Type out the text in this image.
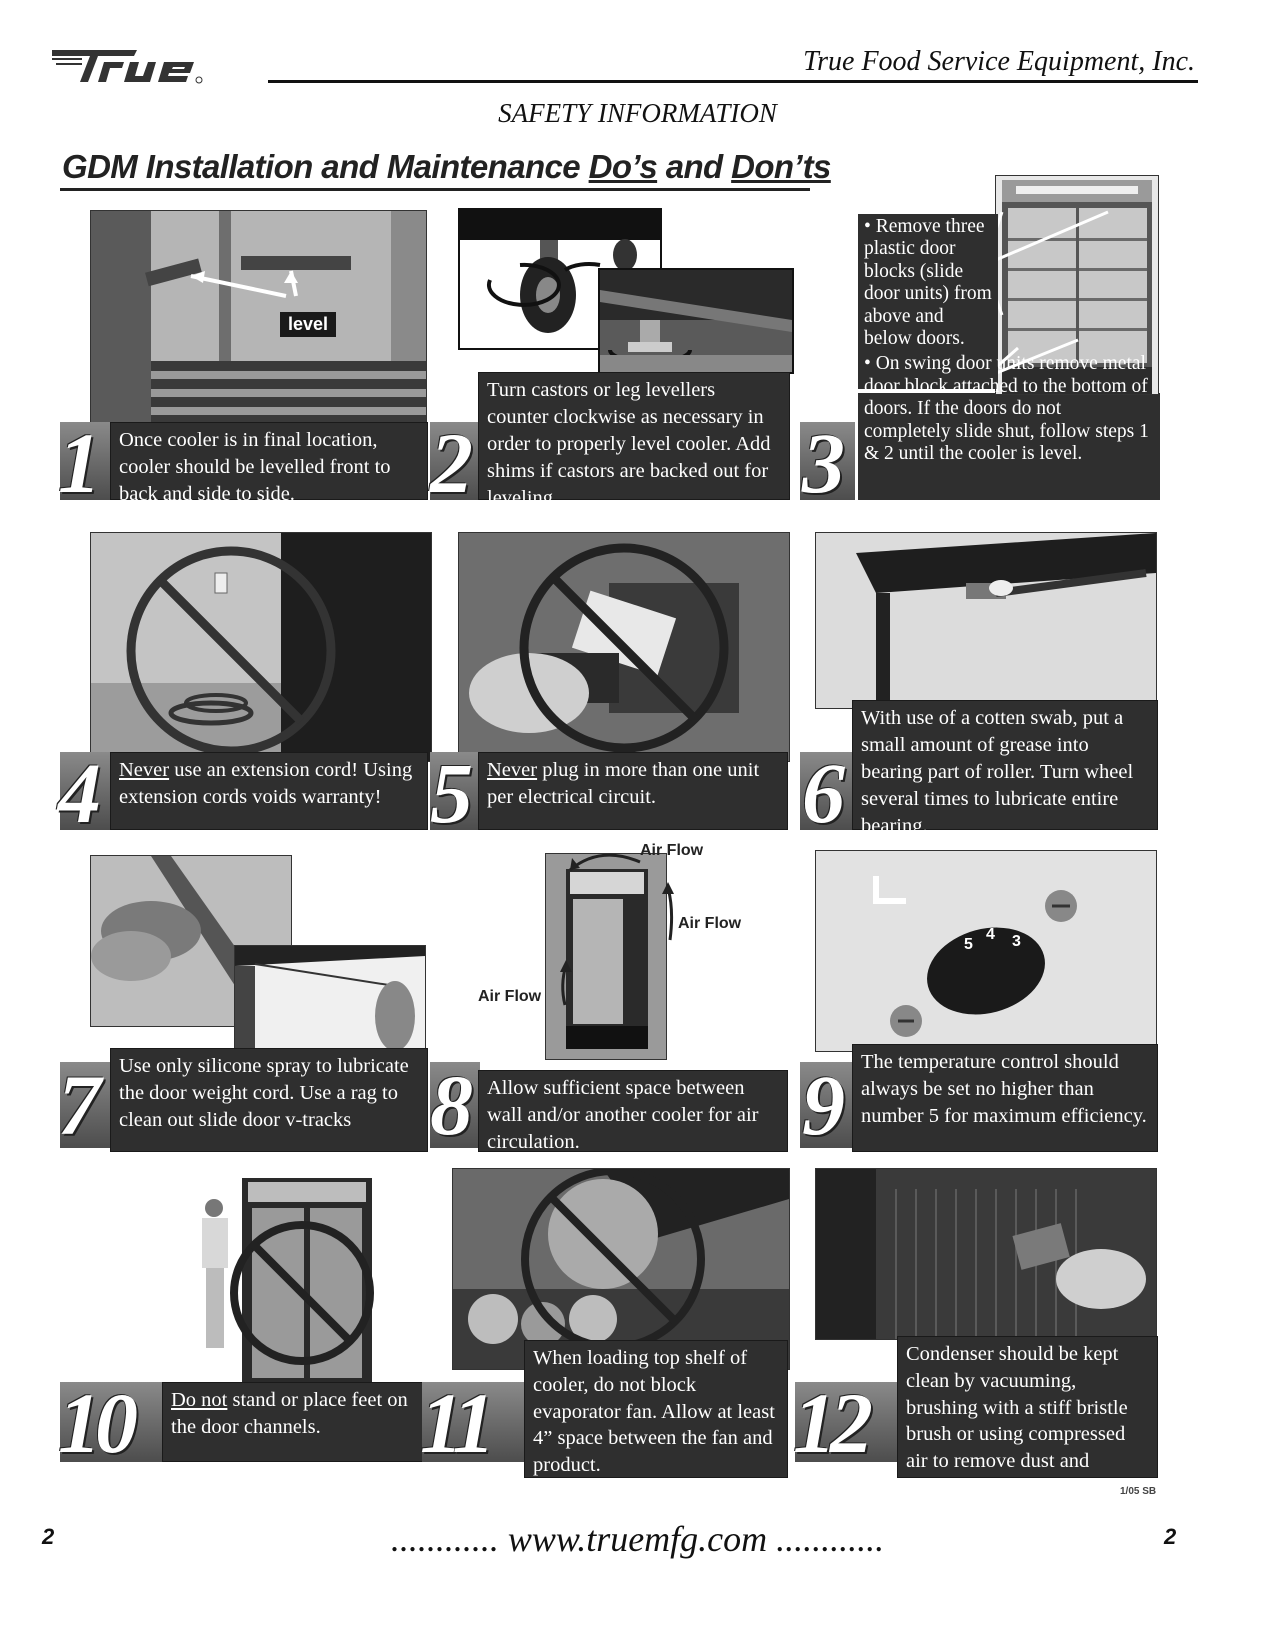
True Food Service Equipment, Inc.
SAFETY INFORMATION
GDM Installation and Maintenance Do’s and Don’ts
level
1 Once cooler is in final location, cooler should be levelled front to back and side to side.	2
Turn castors or leg levellers counter clockwise as necessary in order to properly level cooler. Add shims if castors are backed out for leveling.
• Remove three plastic door blocks (slide door units) from above and below doors.
• On swing door units remove metal door block attached to the bottom of doors. If the doors do not completely slide shut, follow steps 1 & 2 until the cooler is level.
3
4 Never use an extension cord! Using extension cords voids warranty! 5 Never plug in more than one unit per electrical circuit.	6
With use of a cotten swab, put a small amount of grease into bearing part of roller. Turn wheel several times to lubricate entire bearing.
7 Use only silicone spray to lubricate the door weight cord. Use a rag to clean out slide door v-tracks
Air Flow
Air Flow
Air Flow
8 Allow sufficient space between wall and/or another cooler for air circulation.
5
4 3
9 The temperature control should always be set no higher than number 5 for maximum efficiency.
10	Do not stand or place feet on the door channels.	11
When loading top shelf of cooler, do not block evaporator fan. Allow at least 4” space between the fan and product.	12
Condenser should be kept clean by vacuuming, brushing with a stiff bristle brush or using compressed air to remove dust and debris.	1/05 SB
2	............ www.truemfg.com ............	2
